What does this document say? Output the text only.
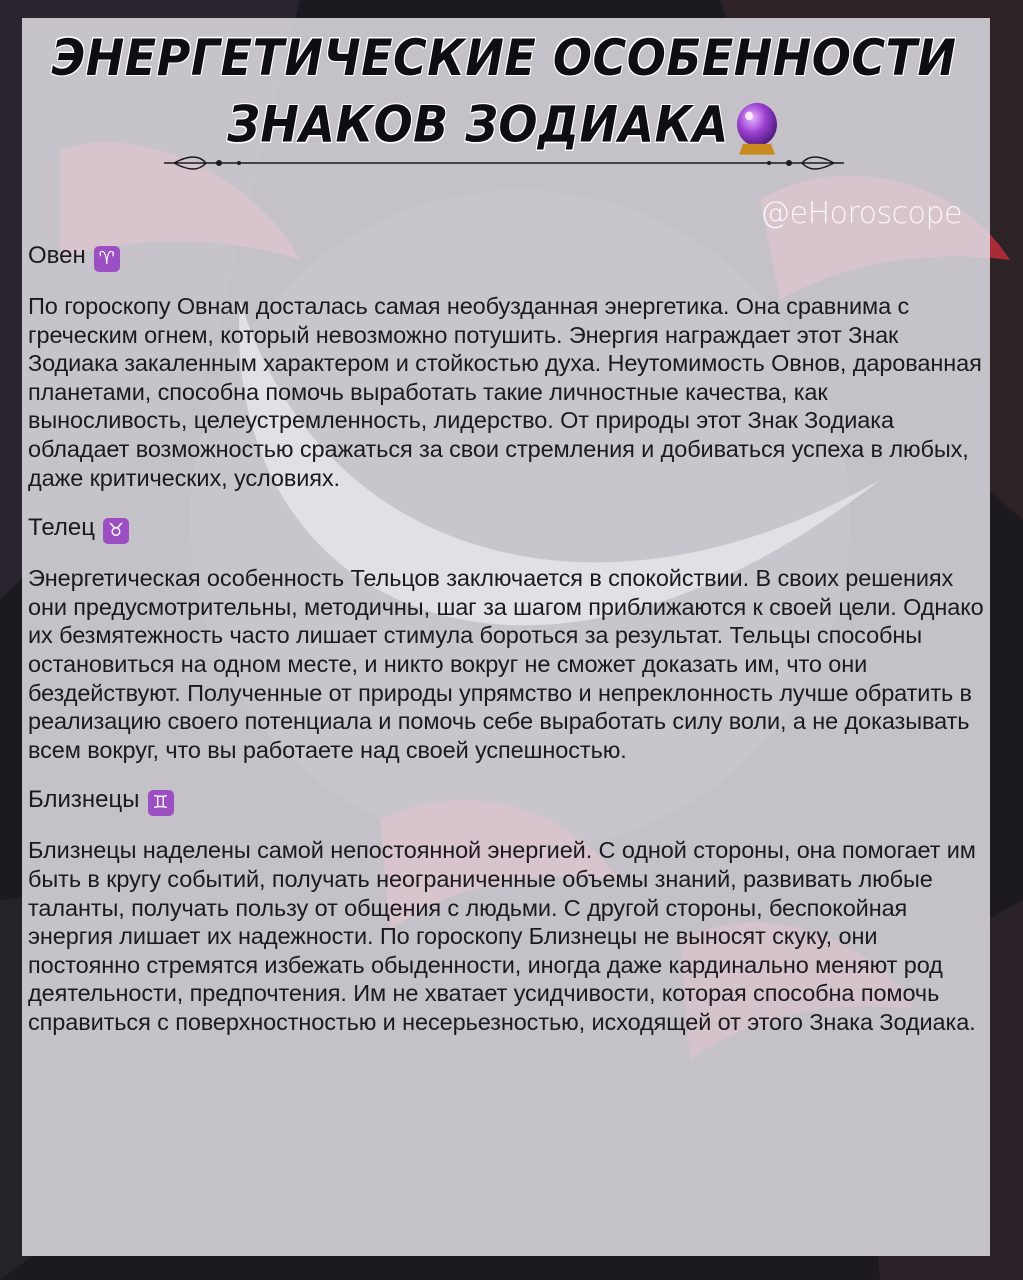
ЭНЕРГЕТИЧЕСКИЕ ОСОБЕННОСТИ
ЗНАКОВ ЗОДИАКА
@eHoroscope
Овен ♈

По гороскопу Овнам досталась самая необузданная энергетика. Она сравнима с греческим огнем, который невозможно потушить. Энергия награждает этот Знак Зодиака закаленным характером и стойкостью духа. Неутомимость Овнов, дарованная планетами, способна помочь выработать такие личностные качества, как выносливость, целеустремленность, лидерство. От природы этот Знак Зодиака обладает возможностью сражаться за свои стремления и добиваться успеха в любых, даже критических, условиях.

Телец ♉

Энергетическая особенность Тельцов заключается в спокойствии. В своих решениях они предусмотрительны, методичны, шаг за шагом приближаются к своей цели. Однако их безмятежность часто лишает стимула бороться за результат. Тельцы способны остановиться на одном месте, и никто вокруг не сможет доказать им, что они бездействуют. Полученные от природы упрямство и непреклонность лучше обратить в реализацию своего потенциала и помочь себе выработать силу воли, а не доказывать всем вокруг, что вы работаете над своей успешностью.

Близнецы ♊

Близнецы наделены самой непостоянной энергией. С одной стороны, она помогает им быть в кругу событий, получать неограниченные объемы знаний, развивать любые таланты, получать пользу от общения с людьми. С другой стороны, беспокойная энергия лишает их надежности. По гороскопу Близнецы не выносят скуку, они постоянно стремятся избежать обыденности, иногда даже кардинально меняют род деятельности, предпочтения. Им не хватает усидчивости, которая способна помочь справиться с поверхностностью и несерьезностью, исходящей от этого Знака Зодиака.
